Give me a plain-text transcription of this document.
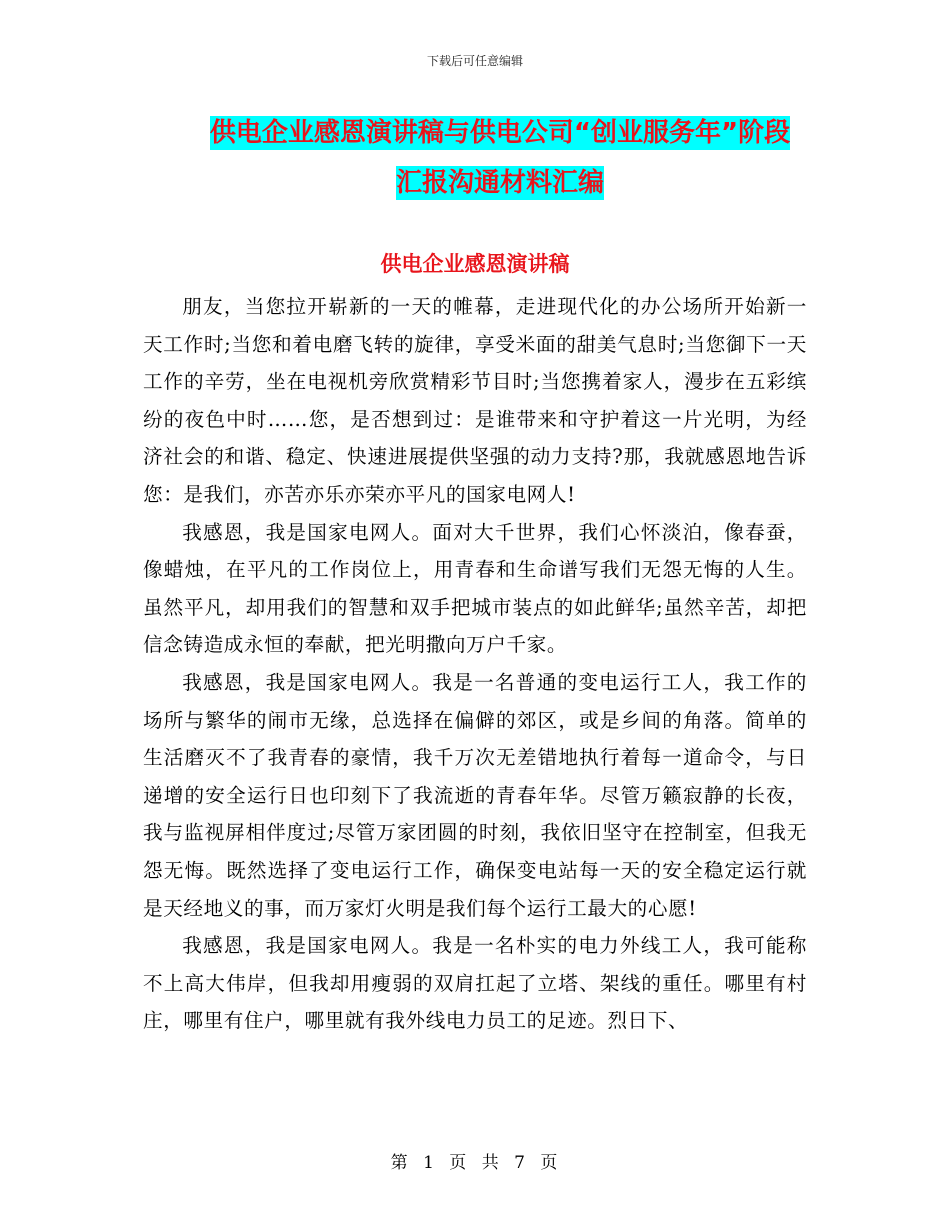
下载后可任意编辑
供电企业感恩演讲稿与供电公司“创业服务年”阶段
汇报沟通材料汇编
供电企业感恩演讲稿

朋友，当您拉开崭新的一天的帷幕，走进现代化的办公场所开始新一天工作时;当您和着电磨飞转的旋律，享受米面的甜美气息时;当您御下一天工作的辛劳，坐在电视机旁欣赏精彩节目时;当您携着家人，漫步在五彩缤纷的夜色中时……您，是否想到过：是谁带来和守护着这一片光明，为经济社会的和谐、稳定、快速进展提供坚强的动力支持?那，我就感恩地告诉您：是我们，亦苦亦乐亦荣亦平凡的国家电网人!

我感恩，我是国家电网人。面对大千世界，我们心怀淡泊，像春蚕，像蜡烛，在平凡的工作岗位上，用青春和生命谱写我们无怨无悔的人生。虽然平凡，却用我们的智慧和双手把城市装点的如此鲜华;虽然辛苦，却把信念铸造成永恒的奉献，把光明撒向万户千家。

我感恩，我是国家电网人。我是一名普通的变电运行工人，我工作的场所与繁华的闹市无缘，总选择在偏僻的郊区，或是乡间的角落。简单的生活磨灭不了我青春的豪情，我千万次无差错地执行着每一道命令，与日递增的安全运行日也印刻下了我流逝的青春年华。尽管万籁寂静的长夜，我与监视屏相伴度过;尽管万家团圆的时刻，我依旧坚守在控制室，但我无怨无悔。既然选择了变电运行工作，确保变电站每一天的安全稳定运行就是天经地义的事，而万家灯火明是我们每个运行工最大的心愿!

我感恩，我是国家电网人。我是一名朴实的电力外线工人，我可能称不上高大伟岸，但我却用瘦弱的双肩扛起了立塔、架线的重任。哪里有村庄，哪里有住户，哪里就有我外线电力员工的足迹。烈日下、

第 1 页 共 7 页
